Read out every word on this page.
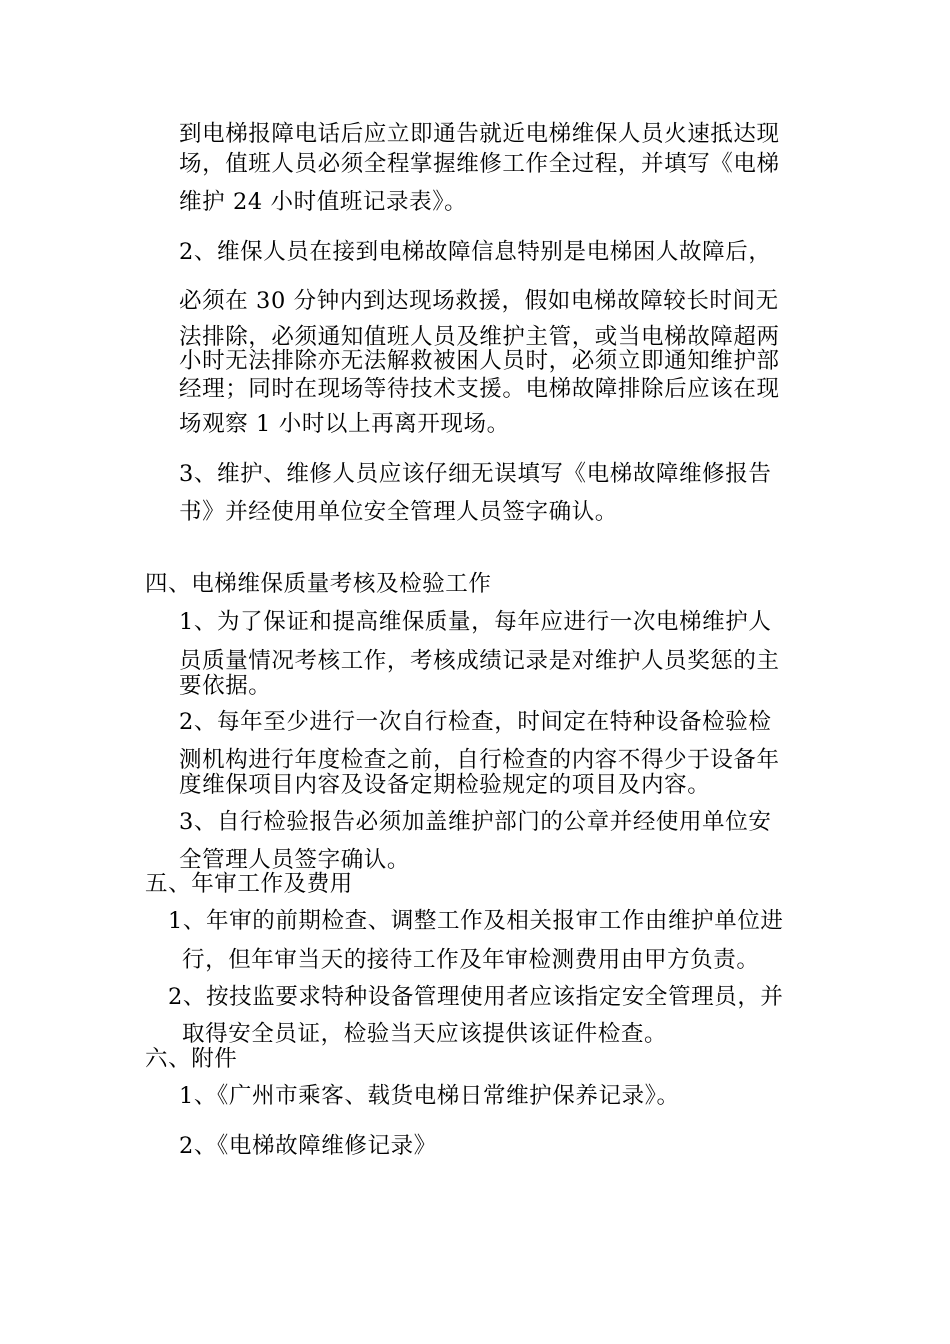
到电梯报障电话后应立即通告就近电梯维保人员火速抵达现
场，值班人员必须全程掌握维修工作全过程，并填写《电梯
维护 24 小时值班记录表》。
2、维保人员在接到电梯故障信息特别是电梯困人故障后，
必须在 30 分钟内到达现场救援，假如电梯故障较长时间无
法排除，必须通知值班人员及维护主管，或当电梯故障超两
小时无法排除亦无法解救被困人员时，必须立即通知维护部
经理；同时在现场等待技术支援。电梯故障排除后应该在现
场观察 1 小时以上再离开现场。
3、维护、维修人员应该仔细无误填写《电梯故障维修报告
书》并经使用单位安全管理人员签字确认。
四、电梯维保质量考核及检验工作
1、为了保证和提高维保质量，每年应进行一次电梯维护人
员质量情况考核工作，考核成绩记录是对维护人员奖惩的主
要依据。
2、每年至少进行一次自行检查，时间定在特种设备检验检
测机构进行年度检查之前，自行检查的内容不得少于设备年
度维保项目内容及设备定期检验规定的项目及内容。
3、自行检验报告必须加盖维护部门的公章并经使用单位安
全管理人员签字确认。
五、年审工作及费用
1、年审的前期检查、调整工作及相关报审工作由维护单位进
行，但年审当天的接待工作及年审检测费用由甲方负责。
2、按技监要求特种设备管理使用者应该指定安全管理员，并
取得安全员证，检验当天应该提供该证件检查。
六、附件
1、《广州市乘客、载货电梯日常维护保养记录》。
2、《电梯故障维修记录》
